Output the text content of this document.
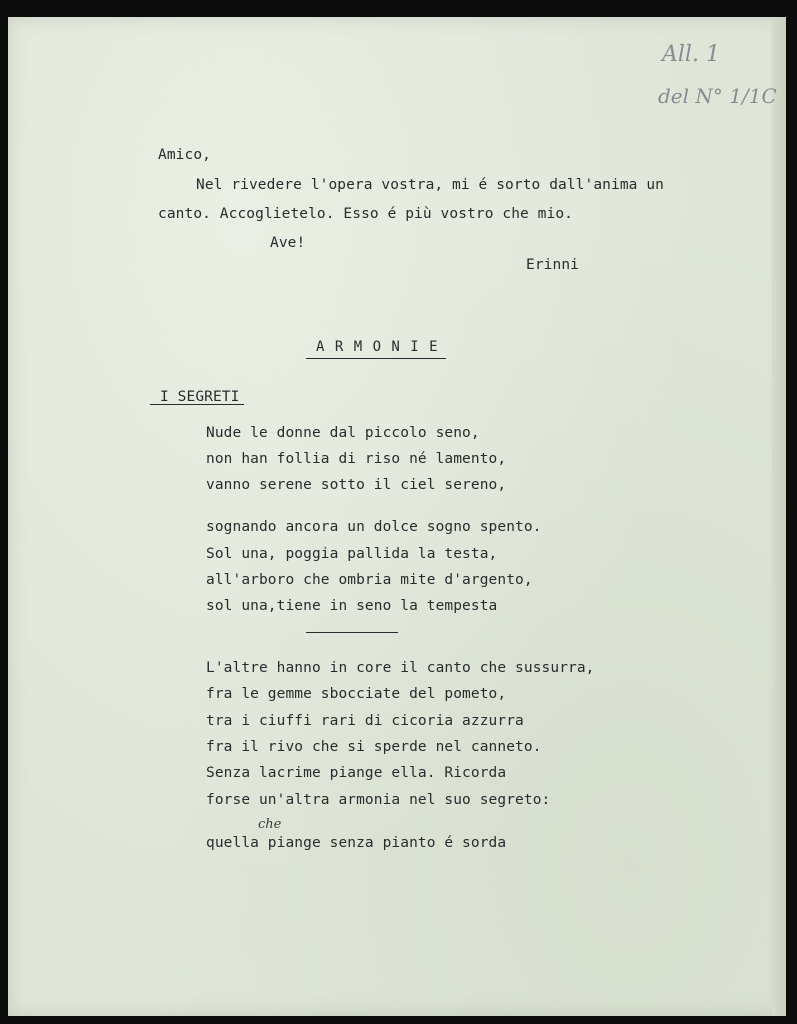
All. 1
del N° 1/1C
Amico,
Nel rivedere l'opera vostra, mi é sorto dall'anima un
canto. Accoglietelo. Esso é più vostro che mio.
Ave!
Erinni
A R M O N I E
I SEGRETI
Nude le donne dal piccolo seno,
non han follia di riso né lamento,
vanno serene sotto il ciel sereno,
sognando ancora un dolce sogno spento.
Sol una, poggia pallida la testa,
all'arboro che ombria mite d'argento,
sol una,tiene in seno la tempesta
L'altre hanno in core il canto che sussurra,
fra le gemme sbocciate del pometo,
tra i ciuffi rari di cicoria azzurra
fra il rivo che si sperde nel canneto.
Senza lacrime piange ella. Ricorda
forse un'altra armonia nel suo segreto:
che
quella piange senza pianto é sorda
